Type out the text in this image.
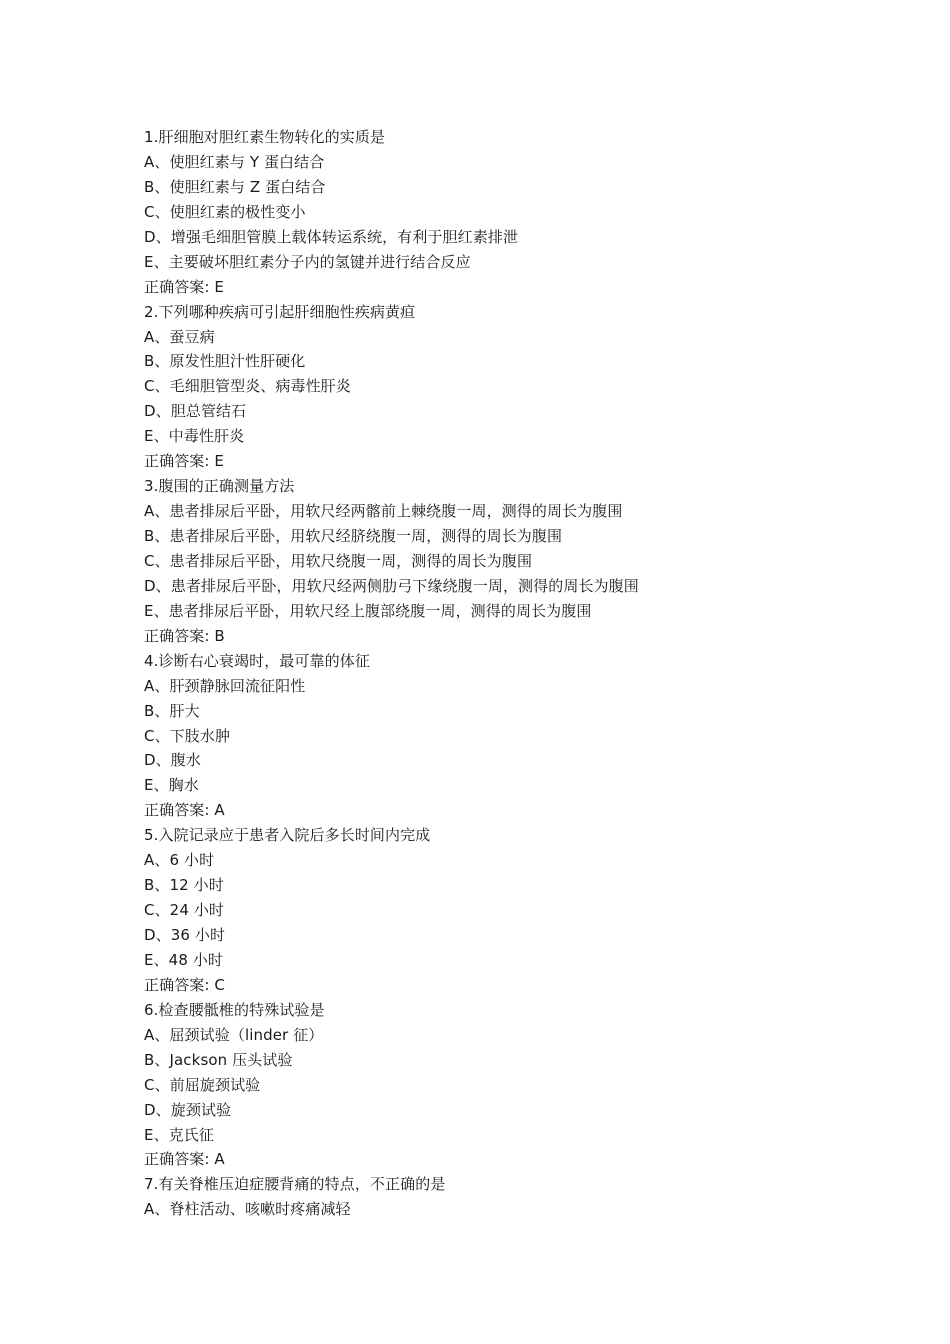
1.肝细胞对胆红素生物转化的实质是
A、使胆红素与 Y 蛋白结合
B、使胆红素与 Z 蛋白结合
C、使胆红素的极性变小
D、增强毛细胆管膜上载体转运系统，有利于胆红素排泄
E、主要破坏胆红素分子内的氢键并进行结合反应
正确答案: E
2.下列哪种疾病可引起肝细胞性疾病黄疸
A、蚕豆病
B、原发性胆汁性肝硬化
C、毛细胆管型炎、病毒性肝炎
D、胆总管结石
E、中毒性肝炎
正确答案: E
3.腹围的正确测量方法
A、患者排尿后平卧，用软尺经两髂前上棘绕腹一周，测得的周长为腹围
B、患者排尿后平卧，用软尺经脐绕腹一周，测得的周长为腹围
C、患者排尿后平卧，用软尺绕腹一周，测得的周长为腹围
D、患者排尿后平卧，用软尺经两侧肋弓下缘绕腹一周，测得的周长为腹围
E、患者排尿后平卧，用软尺经上腹部绕腹一周，测得的周长为腹围
正确答案: B
4.诊断右心衰竭时，最可靠的体征
A、肝颈静脉回流征阳性
B、肝大
C、下肢水肿
D、腹水
E、胸水
正确答案: A
5.入院记录应于患者入院后多长时间内完成
A、6 小时
B、12 小时
C、24 小时
D、36 小时
E、48 小时
正确答案: C
6.检查腰骶椎的特殊试验是
A、屈颈试验（linder 征）
B、Jackson 压头试验
C、前屈旋颈试验
D、旋颈试验
E、克氏征
正确答案: A
7.有关脊椎压迫症腰背痛的特点，不正确的是
A、脊柱活动、咳嗽时疼痛减轻
